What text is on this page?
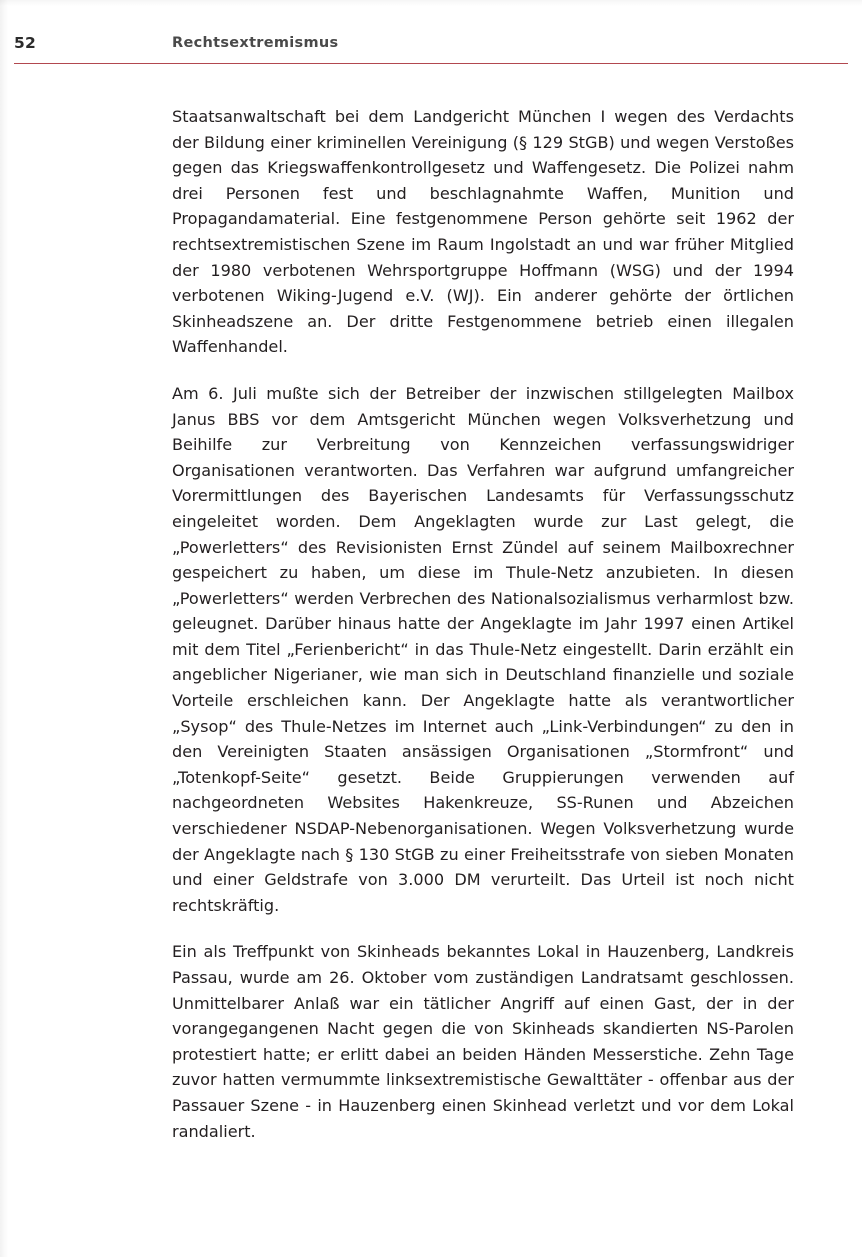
52	Rechtsextremismus

Staatsanwaltschaft bei dem Landgericht München I wegen des Verdachts der Bildung einer kriminellen Vereinigung (§ 129 StGB) und wegen Verstoßes gegen das Kriegswaffenkontrollgesetz und Waffengesetz. Die Polizei nahm drei Personen fest und beschlagnahmte Waffen, Munition und Propagandamaterial. Eine festgenommene Person gehörte seit 1962 der rechtsextremistischen Szene im Raum Ingolstadt an und war früher Mitglied der 1980 verbotenen Wehrsportgruppe Hoffmann (WSG) und der 1994 verbotenen Wiking-Jugend e.V. (WJ). Ein anderer gehörte der örtlichen Skinheadszene an. Der dritte Festgenommene betrieb einen illegalen Waffenhandel.

Am 6. Juli mußte sich der Betreiber der inzwischen stillgelegten Mailbox Janus BBS vor dem Amtsgericht München wegen Volksverhetzung und Beihilfe zur Verbreitung von Kennzeichen verfassungswidriger Organisationen verantworten. Das Verfahren war aufgrund umfangreicher Vorermittlungen des Bayerischen Landesamts für Verfassungsschutz eingeleitet worden. Dem Angeklagten wurde zur Last gelegt, die „Powerletters“ des Revisionisten Ernst Zündel auf seinem Mailboxrechner gespeichert zu haben, um diese im Thule-Netz anzubieten. In diesen „Powerletters“ werden Verbrechen des Nationalsozialismus verharmlost bzw. geleugnet. Darüber hinaus hatte der Angeklagte im Jahr 1997 einen Artikel mit dem Titel „Ferienbericht“ in das Thule-Netz eingestellt. Darin erzählt ein angeblicher Nigerianer, wie man sich in Deutschland finanzielle und soziale Vorteile erschleichen kann. Der Angeklagte hatte als verantwortlicher „Sysop“ des Thule-Netzes im Internet auch „Link-Verbindungen“ zu den in den Vereinigten Staaten ansässigen Organisationen „Stormfront“ und „Totenkopf-Seite“ gesetzt. Beide Gruppierungen verwenden auf nachgeordneten Websites Hakenkreuze, SS-Runen und Abzeichen verschiedener NSDAP-Nebenorganisationen. Wegen Volksverhetzung wurde der Angeklagte nach § 130 StGB zu einer Freiheitsstrafe von sieben Monaten und einer Geldstrafe von 3.000 DM verurteilt. Das Urteil ist noch nicht rechtskräftig.

Ein als Treffpunkt von Skinheads bekanntes Lokal in Hauzenberg, Landkreis Passau, wurde am 26. Oktober vom zuständigen Landratsamt geschlossen. Unmittelbarer Anlaß war ein tätlicher Angriff auf einen Gast, der in der vorangegangenen Nacht gegen die von Skinheads skandierten NS-Parolen protestiert hatte; er erlitt dabei an beiden Händen Messerstiche. Zehn Tage zuvor hatten vermummte linksextremistische Gewalttäter - offenbar aus der Passauer Szene - in Hauzenberg einen Skinhead verletzt und vor dem Lokal randaliert.
